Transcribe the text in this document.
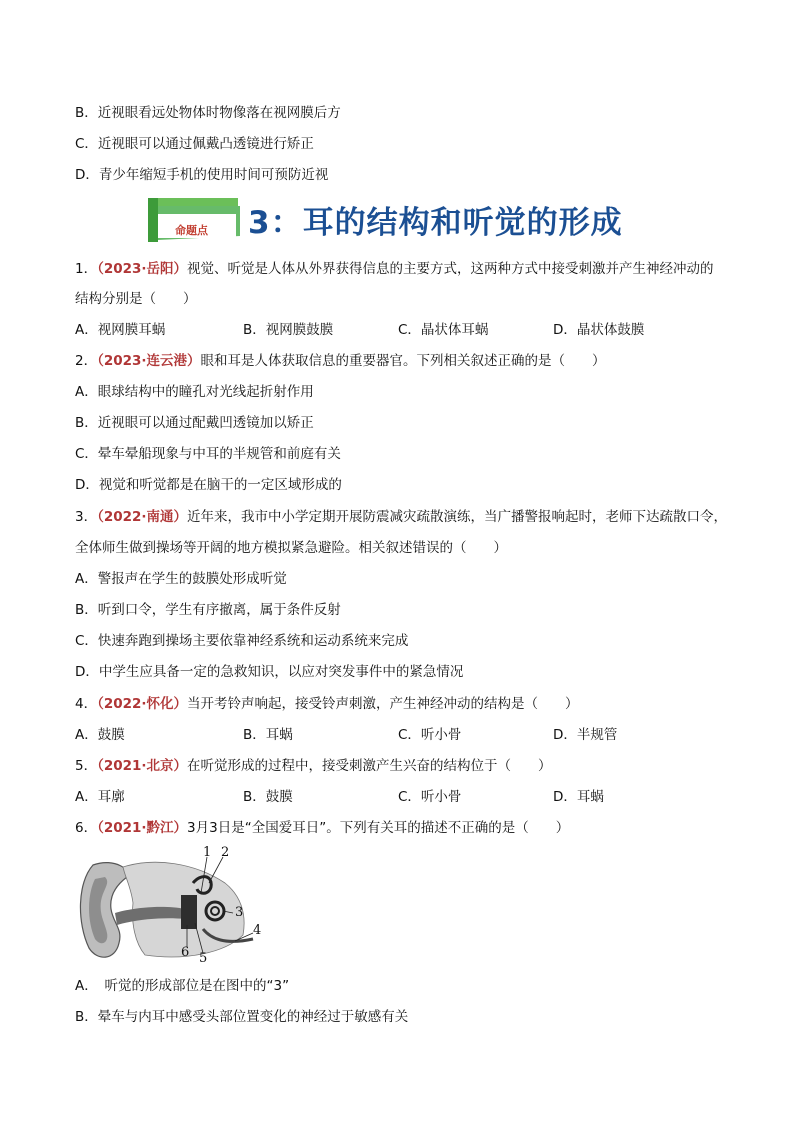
B．近视眼看远处物体时物像落在视网膜后方
C．近视眼可以通过佩戴凸透镜进行矫正
D．青少年缩短手机的使用时间可预防近视
命题点 3：耳的结构和听觉的形成
1．（2023·岳阳）视觉、听觉是人体从外界获得信息的主要方式，这两种方式中接受刺激并产生神经冲动的
结构分别是（　　）
A．视网膜耳蜗	B．视网膜鼓膜	C．晶状体耳蜗	D．晶状体鼓膜
2．（2023·连云港）眼和耳是人体获取信息的重要器官。下列相关叙述正确的是（　　）
A．眼球结构中的瞳孔对光线起折射作用
B．近视眼可以通过配戴凹透镜加以矫正
C．晕车晕船现象与中耳的半规管和前庭有关
D．视觉和听觉都是在脑干的一定区域形成的
3．（2022·南通）近年来，我市中小学定期开展防震减灾疏散演练，当广播警报响起时，老师下达疏散口令，
全体师生做到操场等开阔的地方模拟紧急避险。相关叙述错误的（　　）
A．警报声在学生的鼓膜处形成听觉
B．听到口令，学生有序撤离，属于条件反射
C．快速奔跑到操场主要依靠神经系统和运动系统来完成
D．中学生应具备一定的急救知识，以应对突发事件中的紧急情况
4．（2022·怀化）当开考铃声响起，接受铃声刺激，产生神经冲动的结构是（　　）
A．鼓膜	B．耳蜗	C．听小骨	D．半规管
5．（2021·北京）在听觉形成的过程中，接受刺激产生兴奋的结构位于（　　）
A．耳廓	B．鼓膜	C．听小骨	D．耳蜗
6．（2021·黔江）3月3日是“全国爱耳日”。下列有关耳的描述不正确的是（　　）
1 2
3
4
5
6
A．　听觉的形成部位是在图中的“3”
B．晕车与内耳中感受头部位置变化的神经过于敏感有关
